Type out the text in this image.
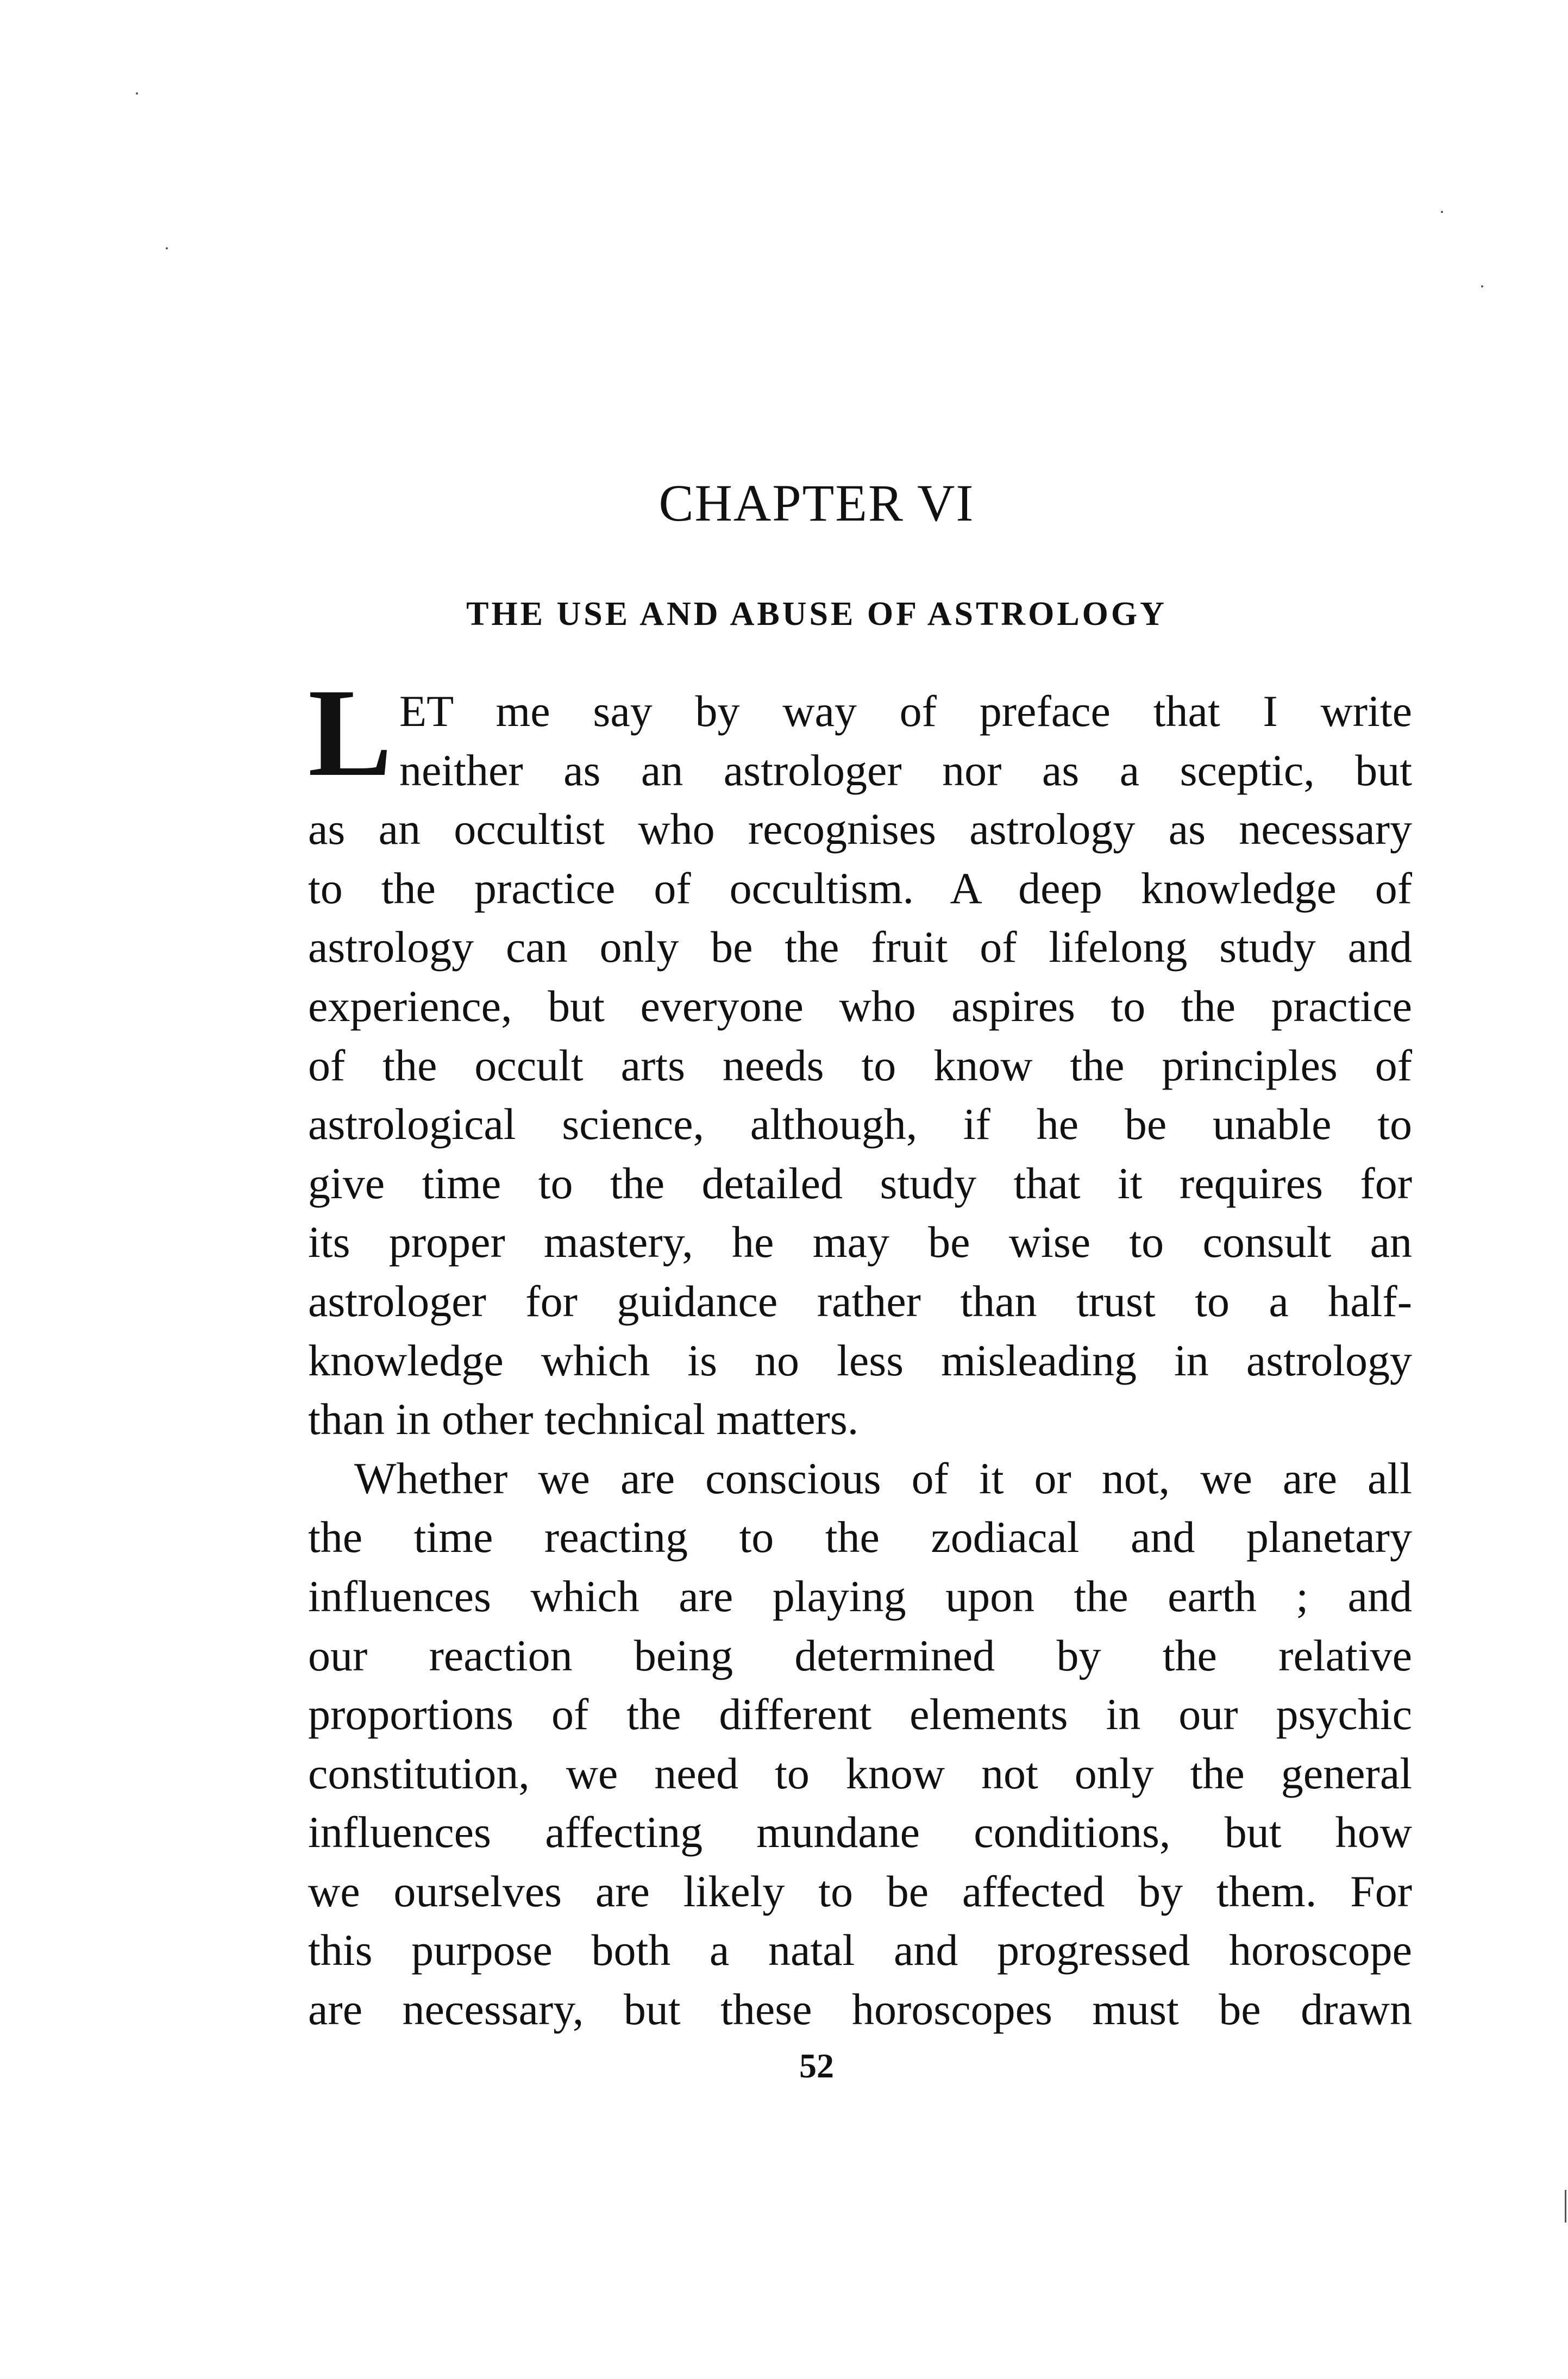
CHAPTER VI
THE USE AND ABUSE OF ASTROLOGY
L ET me say by way of preface that I write
neither as an astrologer nor as a sceptic, but
as an occultist who recognises astrology as necessary
to the practice of occultism. A deep knowledge of
astrology can only be the fruit of lifelong study and
experience, but everyone who aspires to the practice
of the occult arts needs to know the principles of
astrological science, although, if he be unable to
give time to the detailed study that it requires for
its proper mastery, he may be wise to consult an
astrologer for guidance rather than trust to a half-
knowledge which is no less misleading in astrology
than in other technical matters.
Whether we are conscious of it or not, we are all
the time reacting to the zodiacal and planetary
influences which are playing upon the earth ; and
our reaction being determined by the relative
proportions of the different elements in our psychic
constitution, we need to know not only the general
influences affecting mundane conditions, but how
we ourselves are likely to be affected by them. For
this purpose both a natal and progressed horoscope
are necessary, but these horoscopes must be drawn
52
